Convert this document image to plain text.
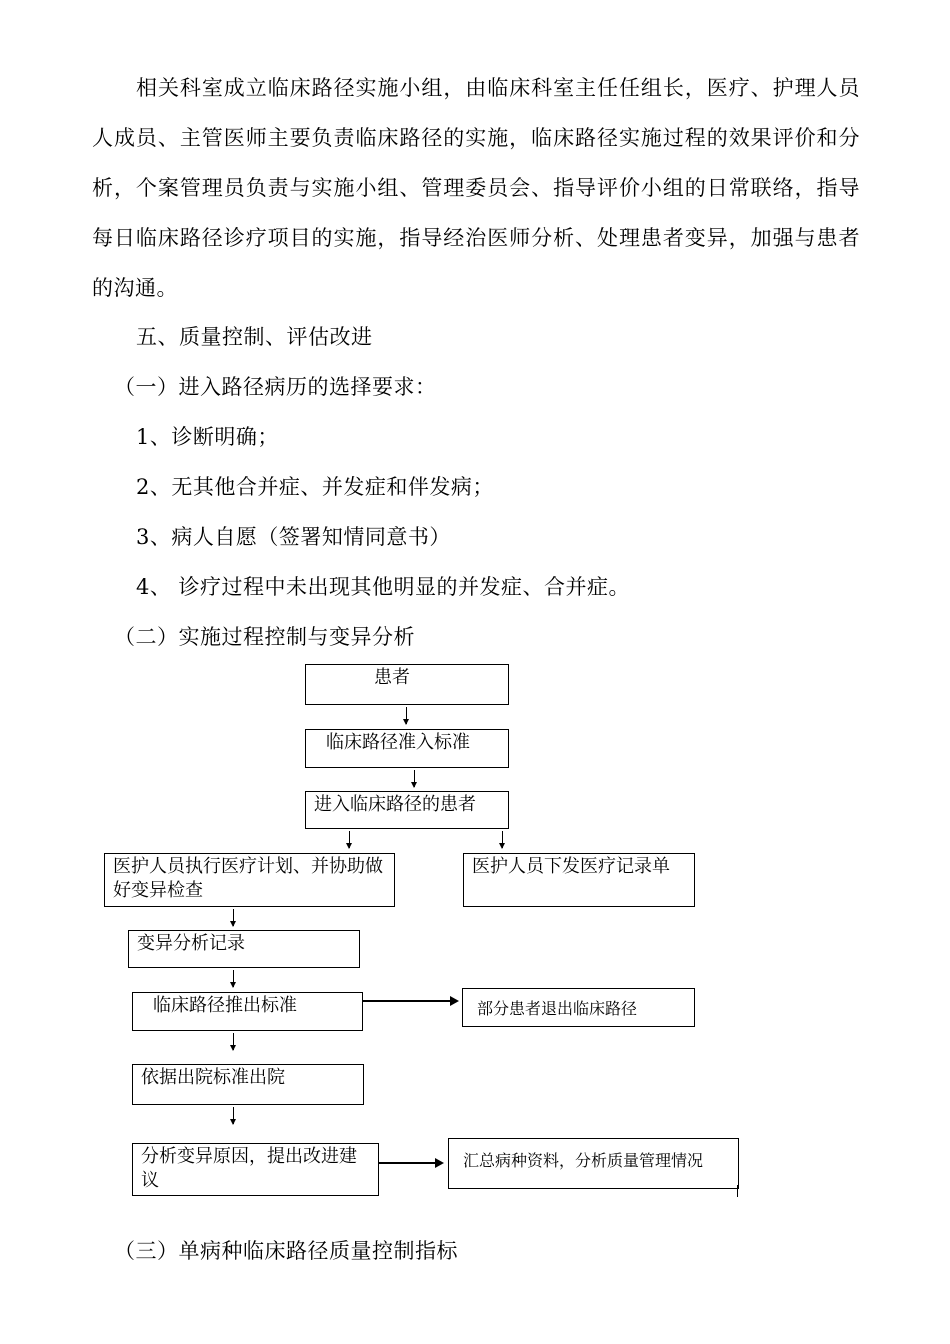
相关科室成立临床路径实施小组，由临床科室主任任组长，医疗、护理人员人成员、主管医师主要负责临床路径的实施，临床路径实施过程的效果评价和分析，个案管理员负责与实施小组、管理委员会、指导评价小组的日常联络，指导每日临床路径诊疗项目的实施，指导经治医师分析、处理患者变异，加强与患者的沟通。

五、质量控制、评估改进

（一）进入路径病历的选择要求：

1、诊断明确；

2、无其他合并症、并发症和伴发病；

3、病人自愿（签署知情同意书）

4、 诊疗过程中未出现其他明显的并发症、合并症。

（二）实施过程控制与变异分析

患者
临床路径准入标准
进入临床路径的患者
医护人员执行医疗计划、并协助做好变异检查
医护人员下发医疗记录单
变异分析记录
临床路径推出标准	部分患者退出临床路径
依据出院标准出院
分析变异原因，提出改进建议
汇总病种资料，分析质量管理情况

（三）单病种临床路径质量控制指标
